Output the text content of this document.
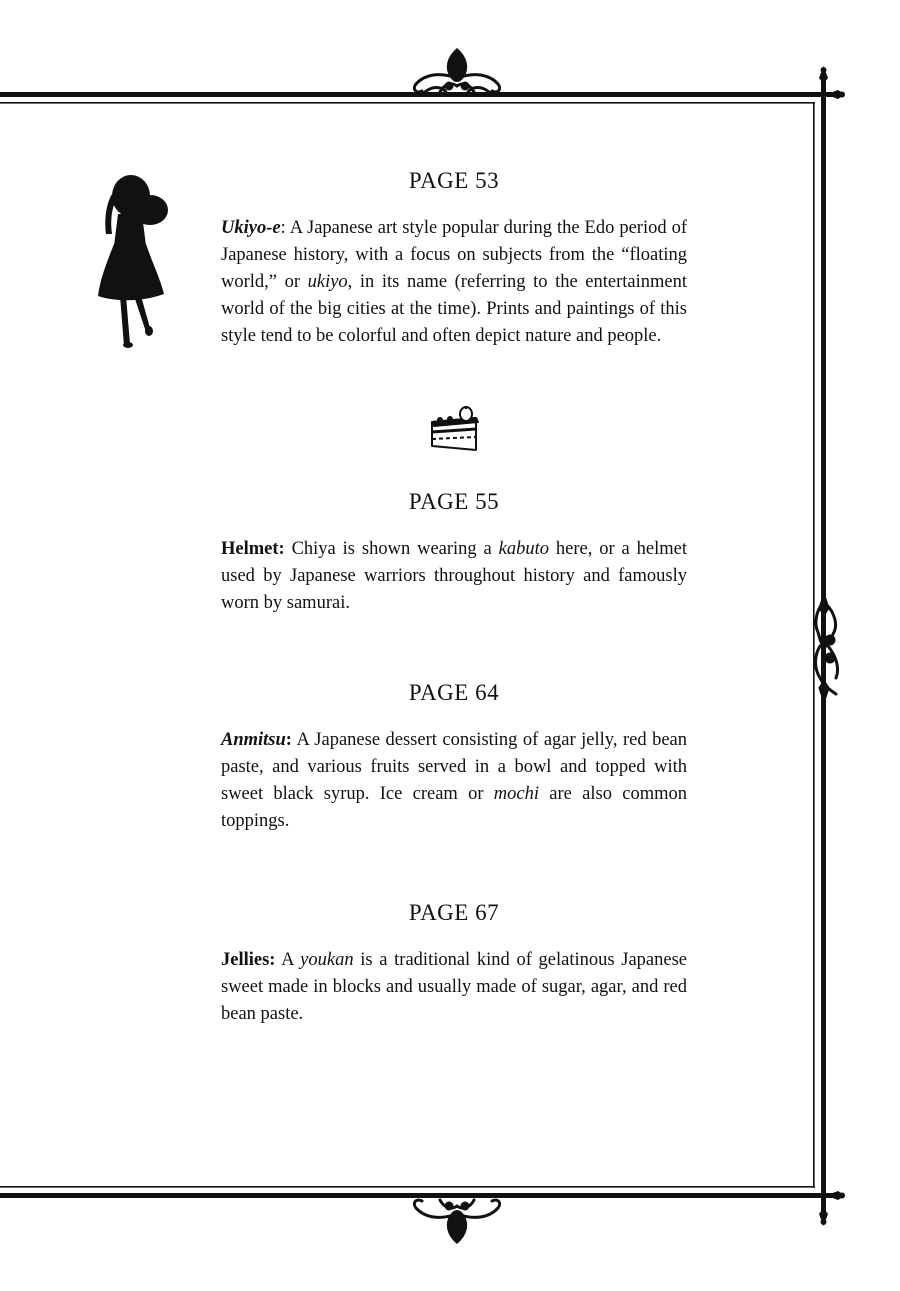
PAGE 53

Ukiyo-e: A Japanese art style popular during the Edo period of Japanese history, with a focus on subjects from the “floating world,” or ukiyo, in its name (referring to the entertainment world of the big cities at the time). Prints and paintings of this style tend to be colorful and often depict nature and people.

PAGE 55

Helmet: Chiya is shown wearing a kabuto here, or a helmet used by Japanese warriors throughout history and famously worn by samurai.

PAGE 64

Anmitsu: A Japanese dessert consisting of agar jelly, red bean paste, and various fruits served in a bowl and topped with sweet black syrup. Ice cream or mochi are also common toppings.

PAGE 67

Jellies: A youkan is a traditional kind of gelatinous Japanese sweet made in blocks and usually made of sugar, agar, and red bean paste.
